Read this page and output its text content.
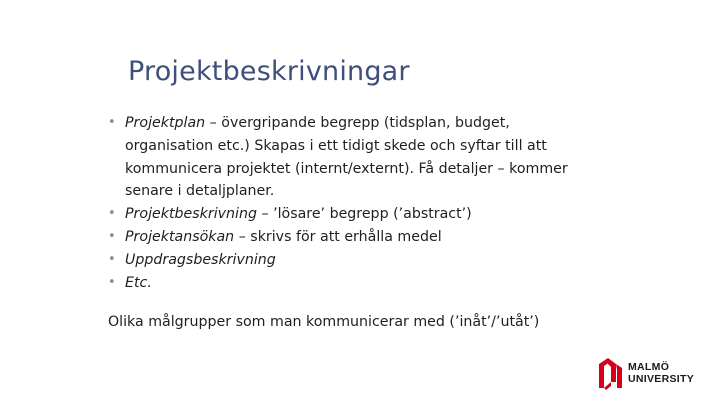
Projektbeskrivningar
• Projektplan – övergripande begrepp (tidsplan, budget, organisation etc.) Skapas i ett tidigt skede och syftar till att kommunicera projektet (internt/externt). Få detaljer – kommer senare i detaljplaner.
• Projektbeskrivning – ’lösare’ begrepp (’abstract’)
• Projektansökan – skrivs för att erhålla medel
• Uppdragsbeskrivning
• Etc.
Olika målgrupper som man kommunicerar med (’inåt’/’utåt’)
MALMÖ
UNIVERSITY
